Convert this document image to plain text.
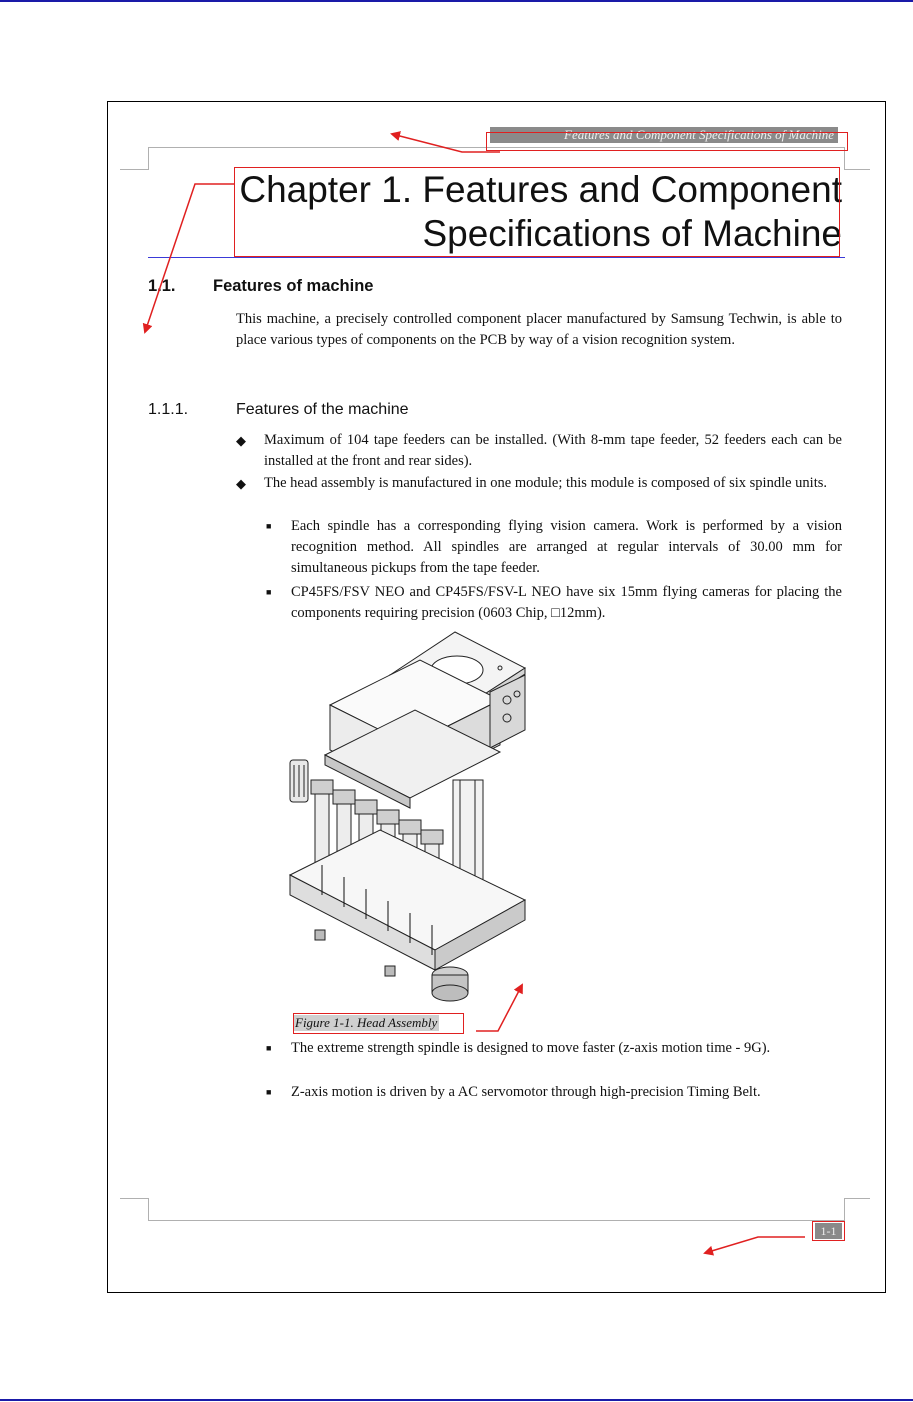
Features and Component Specifications of Machine
Chapter 1. Features and Component
Specifications of Machine
1.1. Features of machine
This machine, a precisely controlled component placer manufactured by Samsung Techwin, is able to place various types of components on the PCB by way of a vision recognition system.
1.1.1.	Features of the machine
◆ Maximum of 104 tape feeders can be installed. (With 8-mm tape feeder, 52 feeders each can be installed at the front and rear sides).
◆ The head assembly is manufactured in one module; this module is composed of six spindle units.
■ Each spindle has a corresponding flying vision camera. Work is performed by a vision recognition method. All spindles are arranged at regular intervals of 30.00 mm for simultaneous pickups from the tape feeder.
■ CP45FS/FSV NEO and CP45FS/FSV-L NEO have six 15mm flying cameras for placing the components requiring precision (0603 Chip, □12mm).
Figure 1-1. Head Assembly
■ The extreme strength spindle is designed to move faster (z-axis motion time - 9G).
■ Z-axis motion is driven by a AC servomotor through high-precision Timing Belt.
1-1
